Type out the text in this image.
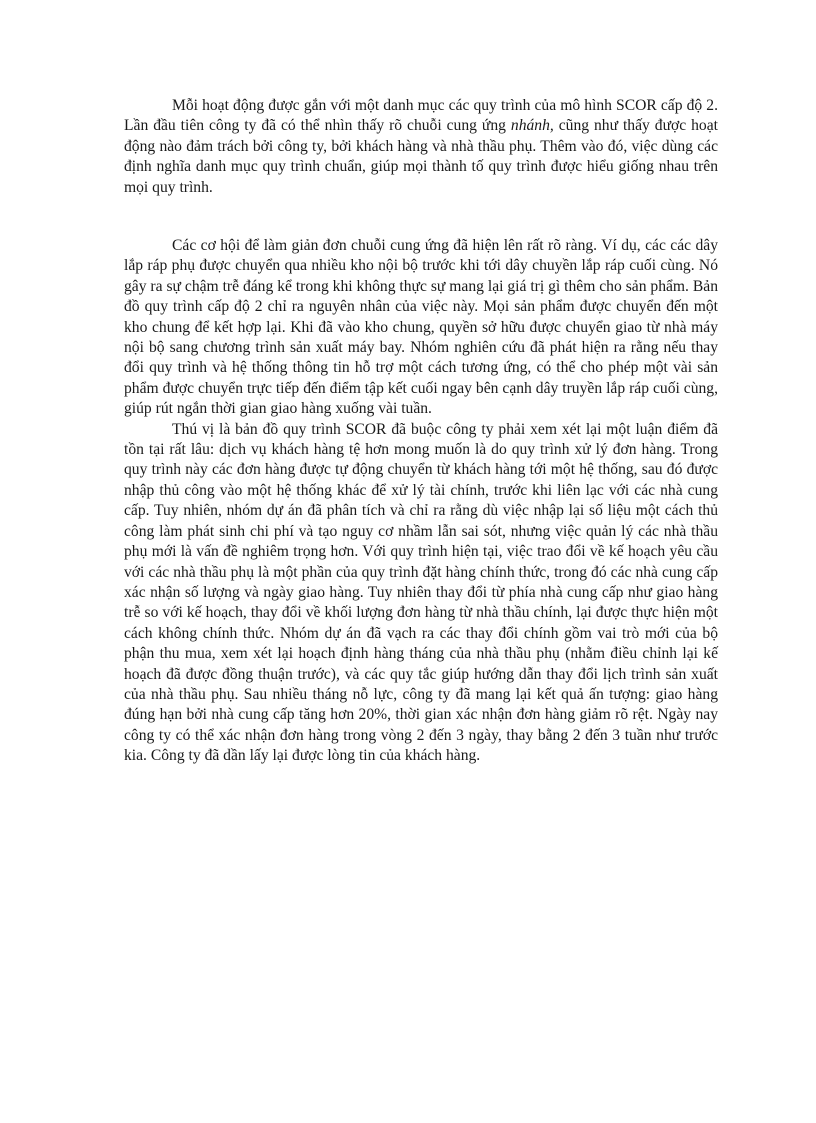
Mỗi hoạt động được gắn với một danh mục các quy trình của mô hình SCOR cấp độ 2. Lần đầu tiên công ty đã có thể nhìn thấy rõ chuỗi cung ứng nhánh, cũng như thấy được hoạt động nào đảm trách bởi công ty, bởi khách hàng và nhà thầu phụ. Thêm vào đó, việc dùng các định nghĩa danh mục quy trình chuẩn, giúp mọi thành tố quy trình được hiểu giống nhau trên mọi quy trình.

Các cơ hội để làm giản đơn chuỗi cung ứng đã hiện lên rất rõ ràng. Ví dụ, các các dây lắp ráp phụ được chuyển qua nhiều kho nội bộ trước khi tới dây chuyền lắp ráp cuối cùng. Nó gây ra sự chậm trễ đáng kể trong khi không thực sự mang lại giá trị gì thêm cho sản phẩm. Bản đồ quy trình cấp độ 2 chỉ ra nguyên nhân của việc này. Mọi sản phẩm được chuyển đến một kho chung để kết hợp lại. Khi đã vào kho chung, quyền sở hữu được chuyển giao từ nhà máy nội bộ sang chương trình sản xuất máy bay. Nhóm nghiên cứu đã phát hiện ra rằng nếu thay đổi quy trình và hệ thống thông tin hỗ trợ một cách tương ứng, có thể cho phép một vài sản phẩm được chuyển trực tiếp đến điểm tập kết cuối ngay bên cạnh dây truyền lắp ráp cuối cùng, giúp rút ngắn thời gian giao hàng xuống vài tuần.

Thú vị là bản đồ quy trình SCOR đã buộc công ty phải xem xét lại một luận điểm đã tồn tại rất lâu: dịch vụ khách hàng tệ hơn mong muốn là do quy trình xử lý đơn hàng. Trong quy trình này các đơn hàng được tự động chuyển từ khách hàng tới một hệ thống, sau đó được nhập thủ công vào một hệ thống khác để xử lý tài chính, trước khi liên lạc với các nhà cung cấp. Tuy nhiên, nhóm dự án đã phân tích và chỉ ra rằng dù việc nhập lại số liệu một cách thủ công làm phát sinh chi phí và tạo nguy cơ nhầm lẫn sai sót, nhưng việc quản lý các nhà thầu phụ mới là vấn đề nghiêm trọng hơn. Với quy trình hiện tại, việc trao đổi về kế hoạch yêu cầu với các nhà thầu phụ là một phần của quy trình đặt hàng chính thức, trong đó các nhà cung cấp xác nhận số lượng và ngày giao hàng. Tuy nhiên thay đổi từ phía nhà cung cấp như giao hàng trễ so với kế hoạch, thay đổi về khối lượng đơn hàng từ nhà thầu chính, lại được thực hiện một cách không chính thức. Nhóm dự án đã vạch ra các thay đổi chính gồm vai trò mới của bộ phận thu mua, xem xét lại hoạch định hàng tháng của nhà thầu phụ (nhằm điều chỉnh lại kế hoạch đã được đồng thuận trước), và các quy tắc giúp hướng dẫn thay đổi lịch trình sản xuất của nhà thầu phụ. Sau nhiều tháng nỗ lực, công ty đã mang lại kết quả ấn tượng: giao hàng đúng hạn bởi nhà cung cấp tăng hơn 20%, thời gian xác nhận đơn hàng giảm rõ rệt. Ngày nay công ty có thể xác nhận đơn hàng trong vòng 2 đến 3 ngày, thay bằng 2 đến 3 tuần như trước kia. Công ty đã dần lấy lại được lòng tin của khách hàng.
